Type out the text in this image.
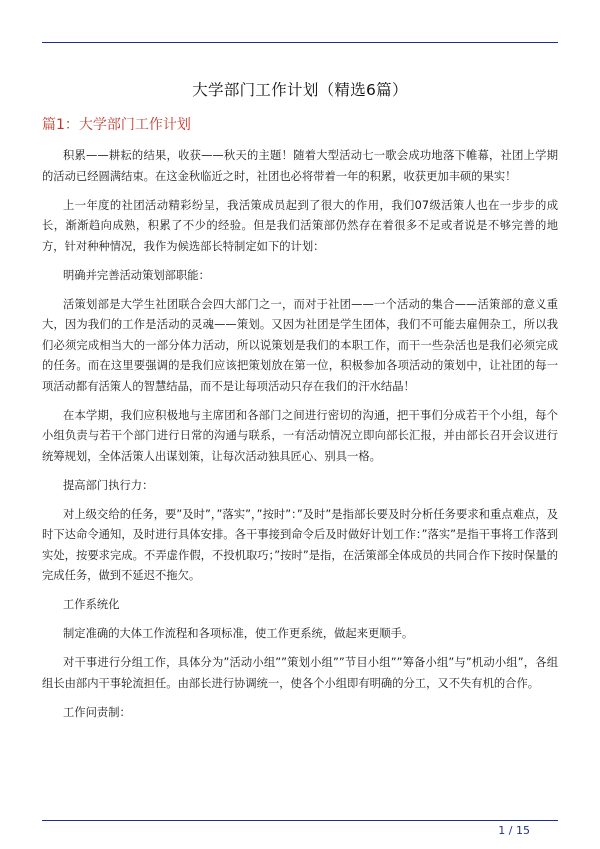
大学部门工作计划（精选6篇）
篇1：大学部门工作计划

积累——耕耘的结果，收获——秋天的主题！随着大型活动七一歌会成功地落下帷幕，社团上学期的活动已经圆满结束。在这金秋临近之时，社团也必将带着一年的积累，收获更加丰硕的果实！

上一年度的社团活动精彩纷呈，我活策成员起到了很大的作用，我们07级活策人也在一步步的成长，渐渐趋向成熟，积累了不少的经验。但是我们活策部仍然存在着很多不足或者说是不够完善的地方，针对种种情况，我作为候选部长特制定如下的计划：

明确并完善活动策划部职能：

活策划部是大学生社团联合会四大部门之一，而对于社团——一个活动的集合——活策部的意义重大，因为我们的工作是活动的灵魂——策划。又因为社团是学生团体，我们不可能去雇佣杂工，所以我们必须完成相当大的一部分体力活动，所以说策划是我们的本职工作，而干一些杂活也是我们必须完成的任务。而在这里要强调的是我们应该把策划放在第一位，积极参加各项活动的策划中，让社团的每一项活动都有活策人的智慧结晶，而不是让每项活动只存在我们的汗水结晶！

在本学期，我们应积极地与主席团和各部门之间进行密切的沟通，把干事们分成若干个小组，每个小组负责与若干个部门进行日常的沟通与联系，一有活动情况立即向部长汇报，并由部长召开会议进行统筹规划，全体活策人出谋划策，让每次活动独具匠心、别具一格。

提高部门执行力：

对上级交给的任务，要”及时”，”落实”，”按时”：”及时”是指部长要及时分析任务要求和重点难点，及时下达命令通知，及时进行具体安排。各干事接到命令后及时做好计划工作：”落实”是指干事将工作落到实处，按要求完成。不弄虚作假，不投机取巧；”按时”是指，在活策部全体成员的共同合作下按时保量的完成任务，做到不延迟不拖欠。

工作系统化

制定准确的大体工作流程和各项标准，使工作更系统，做起来更顺手。

对干事进行分组工作，具体分为”活动小组””策划小组””节目小组””筹备小组”与”机动小组”，各组组长由部内干事轮流担任。由部长进行协调统一，使各个小组即有明确的分工，又不失有机的合作。

工作问责制：

1 / 15
